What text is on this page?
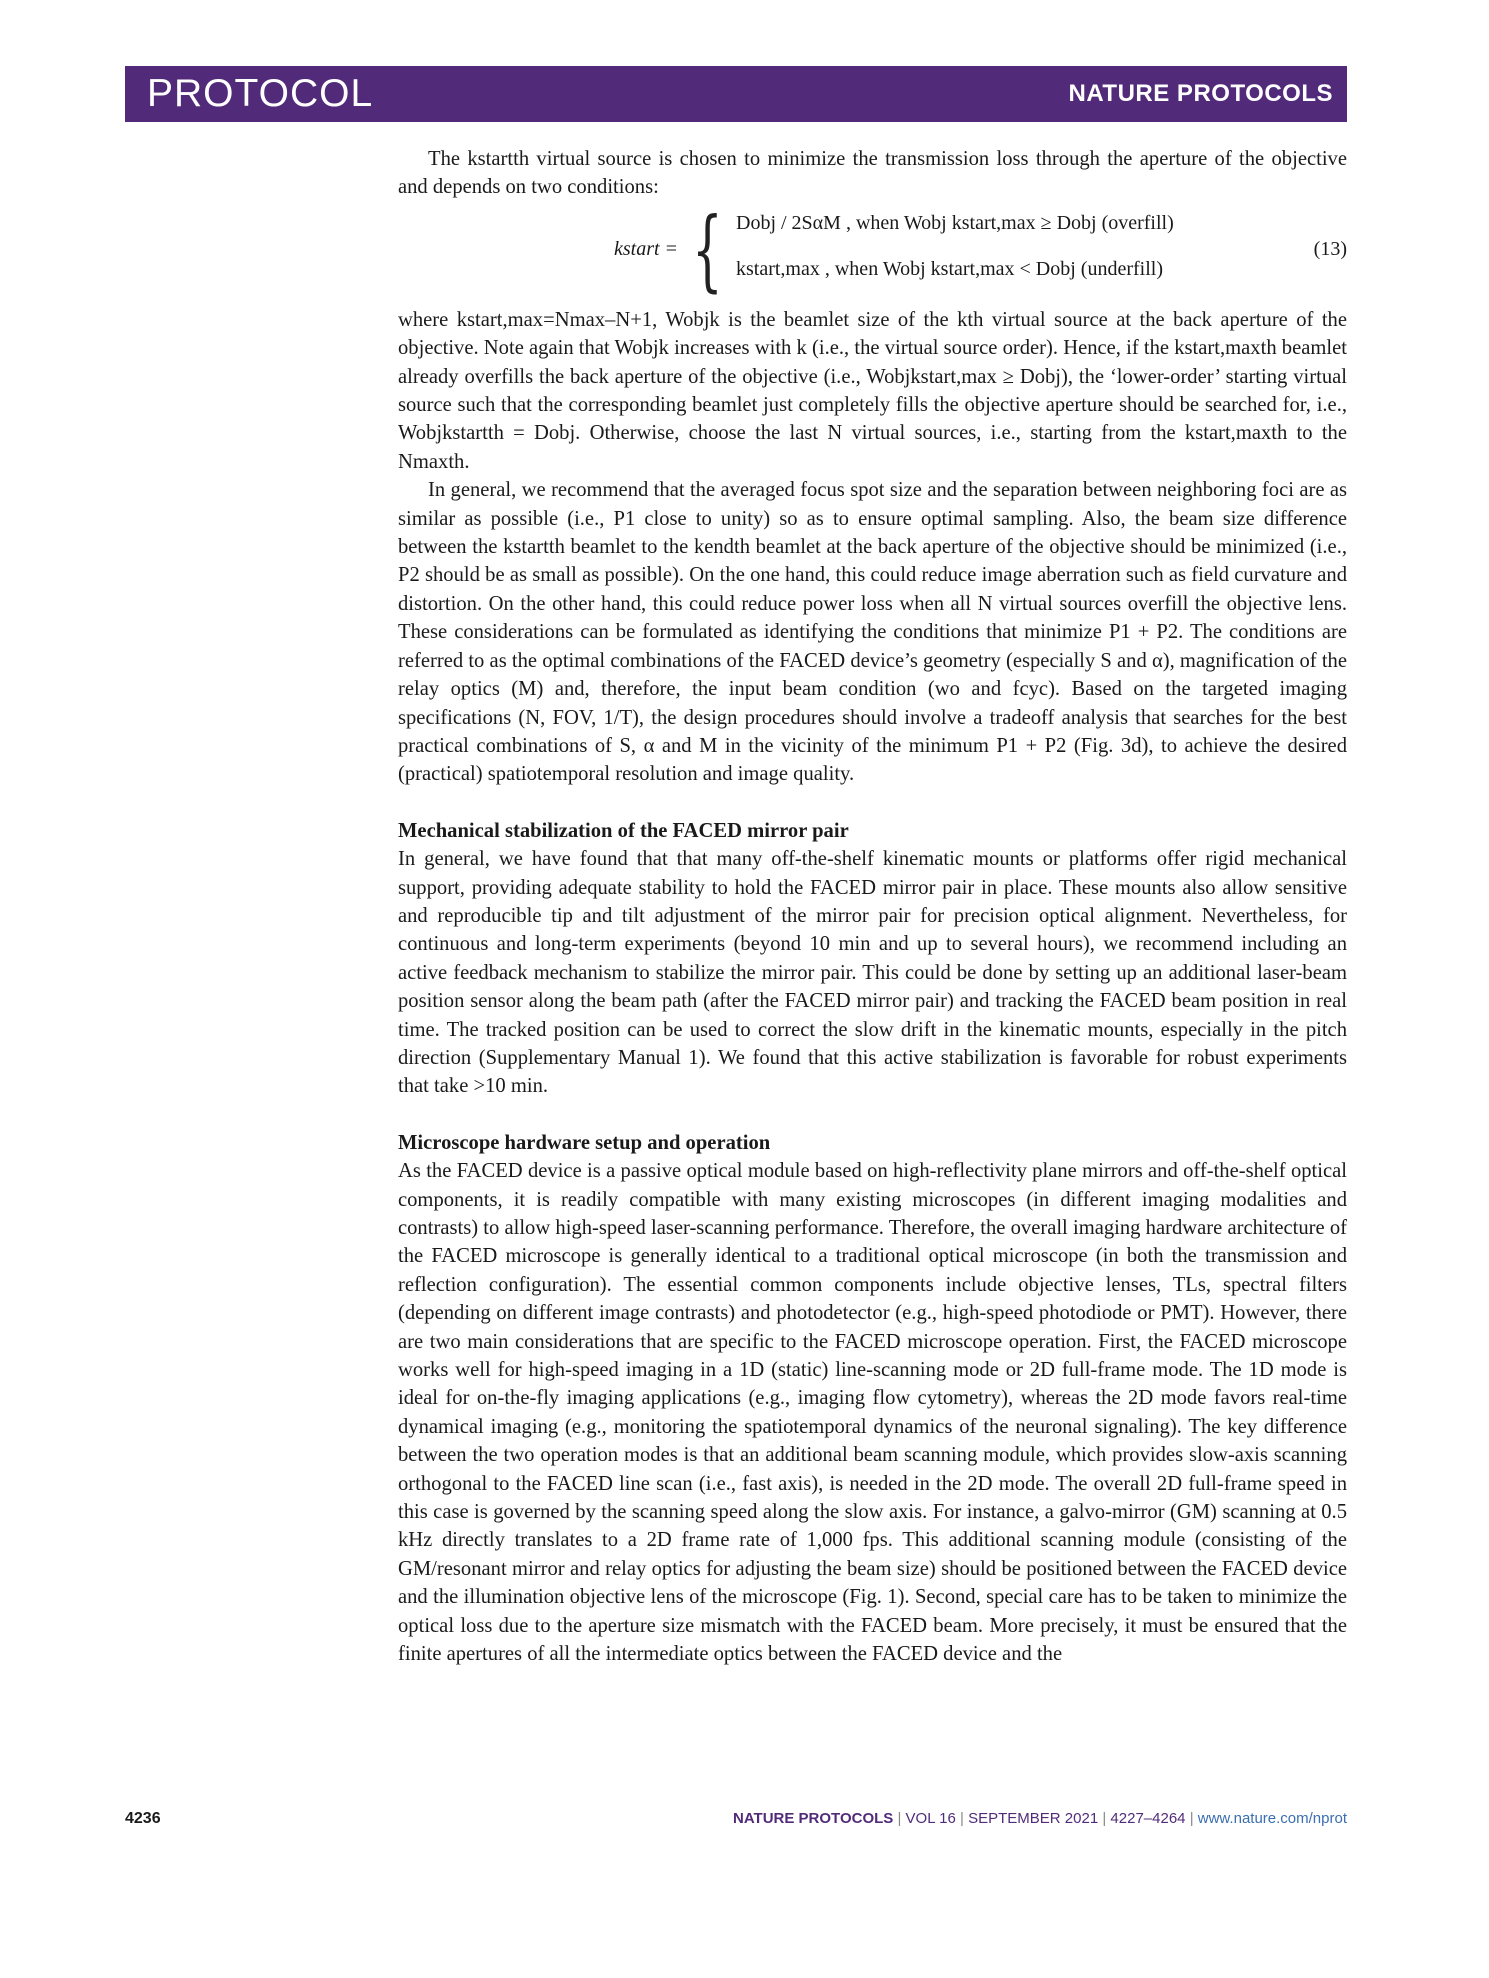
PROTOCOL	NATURE PROTOCOLS

The kstartth virtual source is chosen to minimize the transmission loss through the aperture of the objective and depends on two conditions:

kstart = { Dobj / 2SαM , when Wobj kstart,max ≥ Dobj (overfill)
kstart,max , when Wobj kstart,max < Dobj (underfill)
(13)

where kstart,max=Nmax–N+1, Wobjk is the beamlet size of the kth virtual source at the back aperture of the objective. Note again that Wobjk increases with k (i.e., the virtual source order). Hence, if the kstart,maxth beamlet already overfills the back aperture of the objective (i.e., Wobjkstart,max ≥ Dobj), the ‘lower-order’ starting virtual source such that the corresponding beamlet just completely fills the objective aperture should be searched for, i.e., Wobjkstartth = Dobj. Otherwise, choose the last N virtual sources, i.e., starting from the kstart,maxth to the Nmaxth.

In general, we recommend that the averaged focus spot size and the separation between neighboring foci are as similar as possible (i.e., P1 close to unity) so as to ensure optimal sampling. Also, the beam size difference between the kstartth beamlet to the kendth beamlet at the back aperture of the objective should be minimized (i.e., P2 should be as small as possible). On the one hand, this could reduce image aberration such as field curvature and distortion. On the other hand, this could reduce power loss when all N virtual sources overfill the objective lens. These considerations can be formulated as identifying the conditions that minimize P1 + P2. The conditions are referred to as the optimal combinations of the FACED device’s geometry (especially S and α), magnification of the relay optics (M) and, therefore, the input beam condition (wo and fcyc). Based on the targeted imaging specifications (N, FOV, 1/T), the design procedures should involve a tradeoff analysis that searches for the best practical combinations of S, α and M in the vicinity of the minimum P1 + P2 (Fig. 3d), to achieve the desired (practical) spatiotemporal resolution and image quality.

Mechanical stabilization of the FACED mirror pair

In general, we have found that that many off-the-shelf kinematic mounts or platforms offer rigid mechanical support, providing adequate stability to hold the FACED mirror pair in place. These mounts also allow sensitive and reproducible tip and tilt adjustment of the mirror pair for precision optical alignment. Nevertheless, for continuous and long-term experiments (beyond 10 min and up to several hours), we recommend including an active feedback mechanism to stabilize the mirror pair. This could be done by setting up an additional laser-beam position sensor along the beam path (after the FACED mirror pair) and tracking the FACED beam position in real time. The tracked position can be used to correct the slow drift in the kinematic mounts, especially in the pitch direction (Supplementary Manual 1). We found that this active stabilization is favorable for robust experiments that take >10 min.

Microscope hardware setup and operation

As the FACED device is a passive optical module based on high-reflectivity plane mirrors and off-the-shelf optical components, it is readily compatible with many existing microscopes (in different imaging modalities and contrasts) to allow high-speed laser-scanning performance. Therefore, the overall imaging hardware architecture of the FACED microscope is generally identical to a traditional optical microscope (in both the transmission and reflection configuration). The essential common components include objective lenses, TLs, spectral filters (depending on different image contrasts) and photodetector (e.g., high-speed photodiode or PMT). However, there are two main considerations that are specific to the FACED microscope operation. First, the FACED microscope works well for high-speed imaging in a 1D (static) line-scanning mode or 2D full-frame mode. The 1D mode is ideal for on-the-fly imaging applications (e.g., imaging flow cytometry), whereas the 2D mode favors real-time dynamical imaging (e.g., monitoring the spatiotemporal dynamics of the neuronal signaling). The key difference between the two operation modes is that an additional beam scanning module, which provides slow-axis scanning orthogonal to the FACED line scan (i.e., fast axis), is needed in the 2D mode. The overall 2D full-frame speed in this case is governed by the scanning speed along the slow axis. For instance, a galvo-mirror (GM) scanning at 0.5 kHz directly translates to a 2D frame rate of 1,000 fps. This additional scanning module (consisting of the GM/resonant mirror and relay optics for adjusting the beam size) should be positioned between the FACED device and the illumination objective lens of the microscope (Fig. 1). Second, special care has to be taken to minimize the optical loss due to the aperture size mismatch with the FACED beam. More precisely, it must be ensured that the finite apertures of all the intermediate optics between the FACED device and the

4236	NATURE PROTOCOLS | VOL 16 | SEPTEMBER 2021 | 4227–4264 | www.nature.com/nprot
